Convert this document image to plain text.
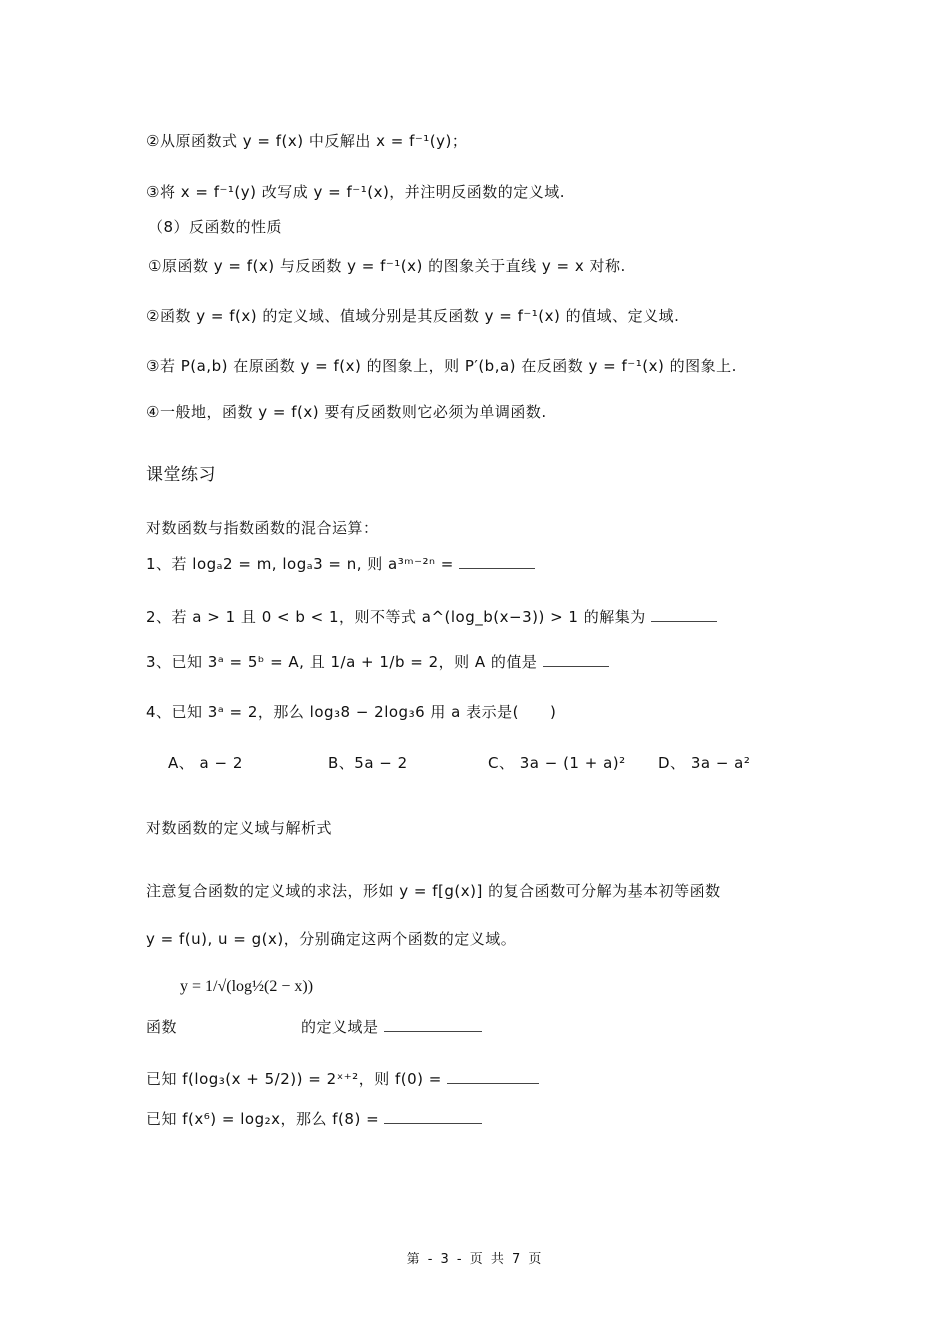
②从原函数式 y = f(x) 中反解出 x = f⁻¹(y)；
③将 x = f⁻¹(y) 改写成 y = f⁻¹(x)，并注明反函数的定义域.
（8）反函数的性质
①原函数 y = f(x) 与反函数 y = f⁻¹(x) 的图象关于直线 y = x 对称.
②函数 y = f(x) 的定义域、值域分别是其反函数 y = f⁻¹(x) 的值域、定义域.
③若 P(a,b) 在原函数 y = f(x) 的图象上，则 P′(b,a) 在反函数 y = f⁻¹(x) 的图象上.
④一般地，函数 y = f(x) 要有反函数则它必须为单调函数.
课堂练习
对数函数与指数函数的混合运算：
1、若 logₐ2 = m, logₐ3 = n, 则 a³ᵐ⁻²ⁿ =
2、若 a > 1 且 0 < b < 1，则不等式 a^(log_b(x−3)) > 1 的解集为
3、已知 3ᵃ = 5ᵇ = A, 且 1/a + 1/b = 2，则 A 的值是
4、已知 3ᵃ = 2，那么 log₃8 − 2log₃6 用 a 表示是(　　)
A、 a − 2	B、5a − 2	C、 3a − (1 + a)² D、 3a − a²
对数函数的定义域与解析式
注意复合函数的定义域的求法，形如 y = f[g(x)] 的复合函数可分解为基本初等函数
y = f(u), u = g(x)，分别确定这两个函数的定义域。
y = 1/√(log½(2 − x))
函数　　　　　　　　的定义域是
已知 f(log₃(x + 5/2)) = 2ˣ⁺²，则 f(0) =
已知 f(x⁶) = log₂x，那么 f(8) =
第 - 3 - 页 共 7 页
